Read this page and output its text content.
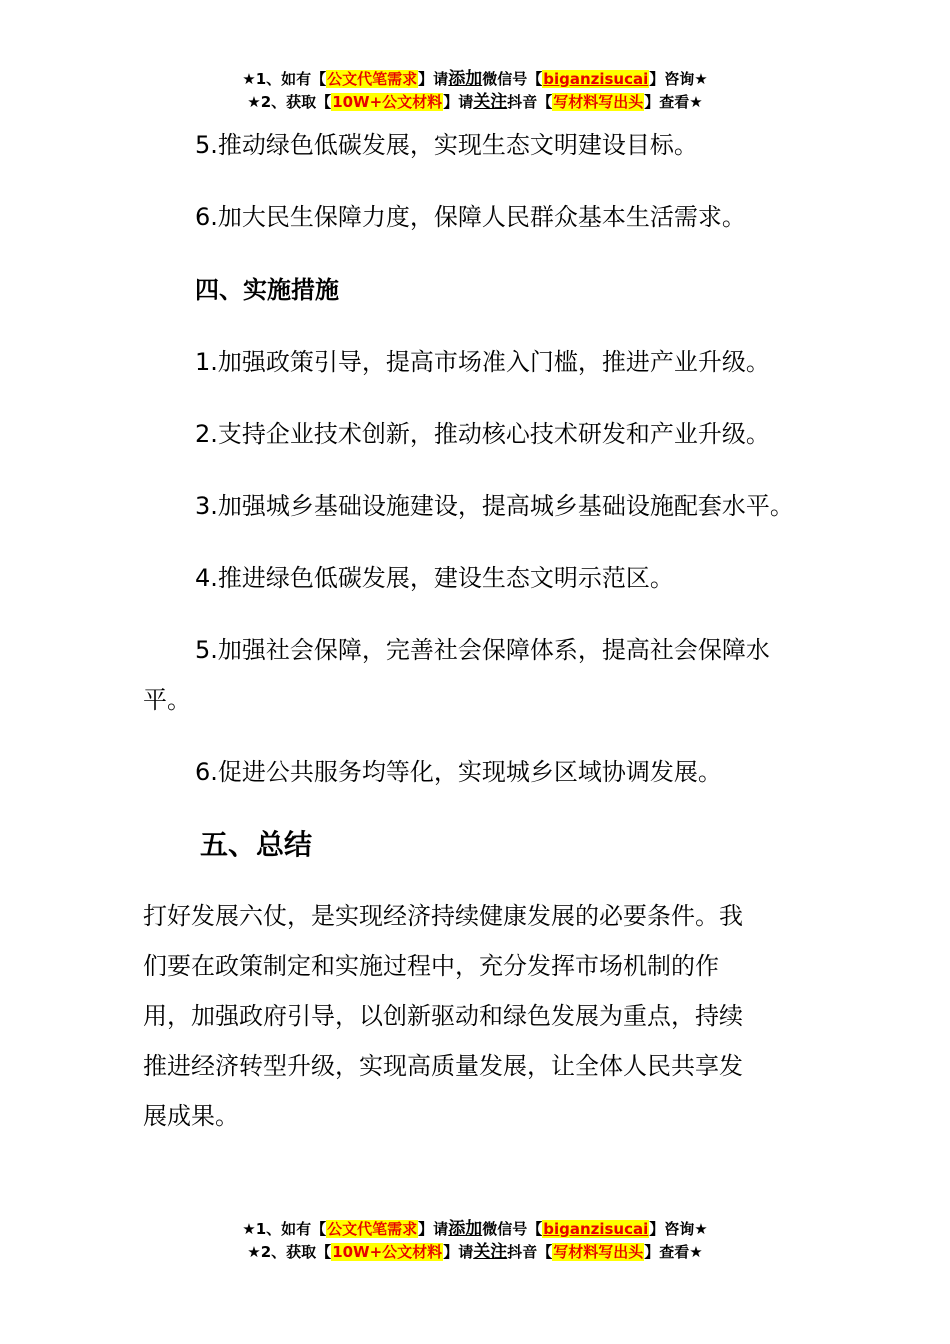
★1、如有【公文代笔需求】请添加微信号【biganzisucai】咨询★
★2、获取【10W+公文材料】请关注抖音【写材料写出头】查看★
5.推动绿色低碳发展，实现生态文明建设目标。
6.加大民生保障力度，保障人民群众基本生活需求。
四、实施措施
1.加强政策引导，提高市场准入门槛，推进产业升级。
2.支持企业技术创新，推动核心技术研发和产业升级。
3.加强城乡基础设施建设，提高城乡基础设施配套水平。
4.推进绿色低碳发展，建设生态文明示范区。
5.加强社会保障，完善社会保障体系，提高社会保障水
平。
6.促进公共服务均等化，实现城乡区域协调发展。
五、总结
打好发展六仗，是实现经济持续健康发展的必要条件。我
们要在政策制定和实施过程中，充分发挥市场机制的作
用，加强政府引导，以创新驱动和绿色发展为重点，持续
推进经济转型升级，实现高质量发展，让全体人民共享发
展成果。
★1、如有【公文代笔需求】请添加微信号【biganzisucai】咨询★
★2、获取【10W+公文材料】请关注抖音【写材料写出头】查看★
